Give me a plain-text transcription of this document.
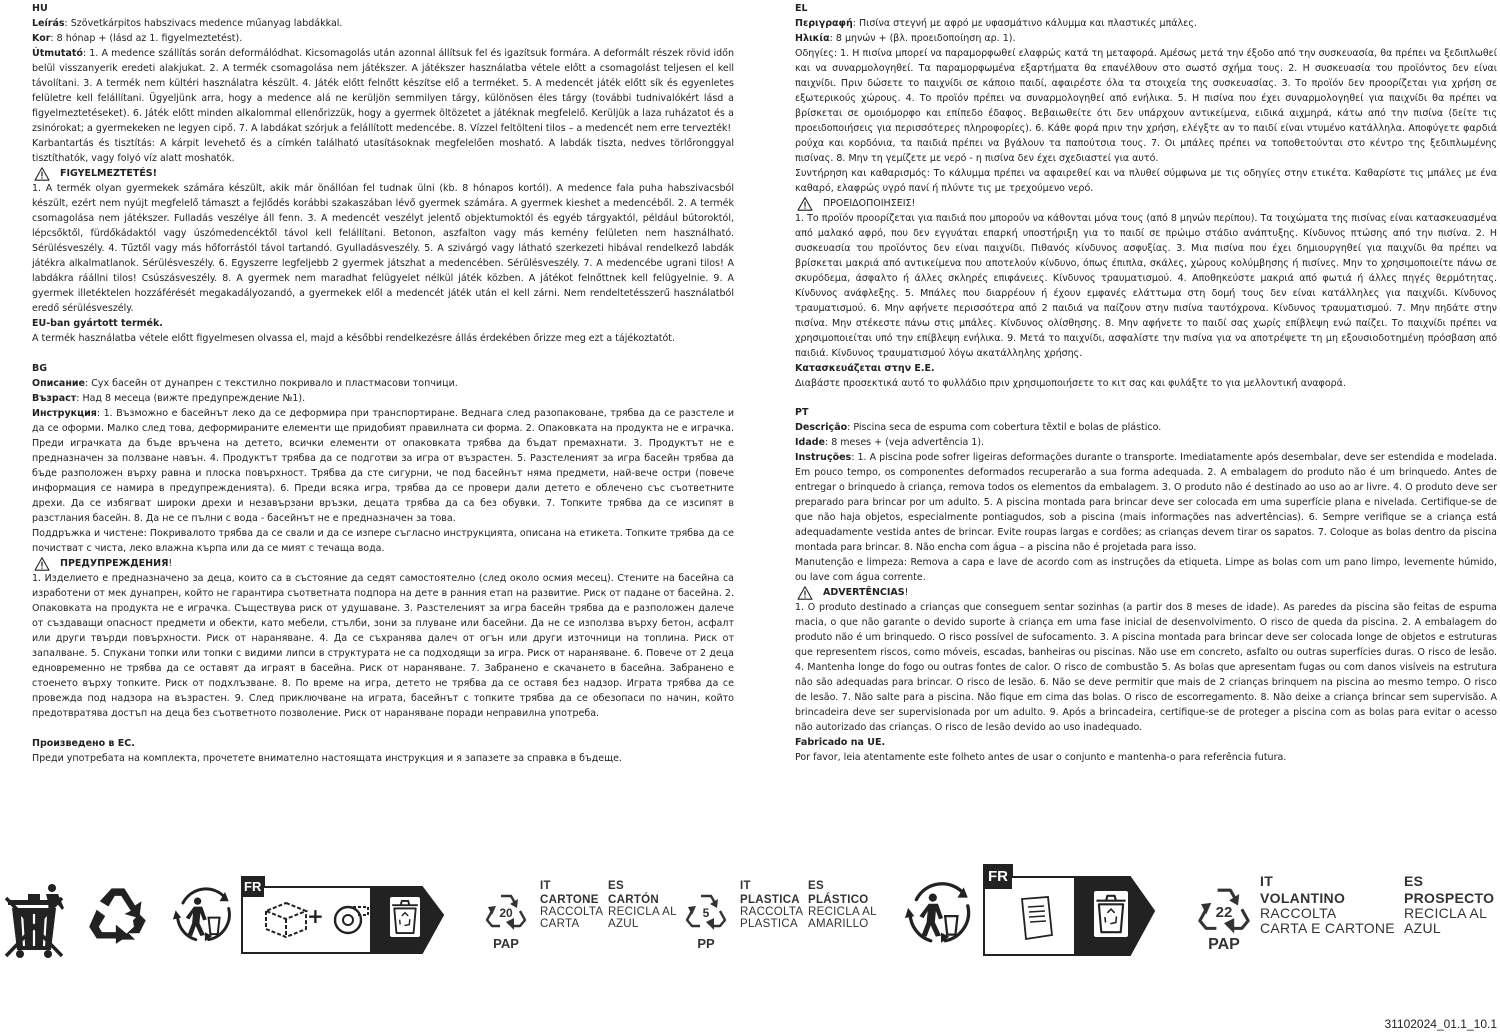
HU

Leírás: Szövetkárpitos habszivacs medence műanyag labdákkal.

Kor: 8 hónap + (lásd az 1. figyelmeztetést).

Útmutató: 1. A medence szállítás során deformálódhat. Kicsomagolás után azonnal állítsuk fel és igazítsuk formára. A deformált részek rövid időn belül visszanyerik eredeti alakjukat. 2. A termék csomagolása nem játékszer. A játékszer használatba vétele előtt a csomagolást teljesen el kell távolítani. 3. A termék nem kültéri használatra készült. 4. Játék előtt felnőtt készítse elő a terméket. 5. A medencét játék előtt sík és egyenletes felületre kell felállítani. Ügyeljünk arra, hogy a medence alá ne kerüljön semmilyen tárgy, különösen éles tárgy (további tudnivalókért lásd a figyelmeztetéseket). 6. Játék előtt minden alkalommal ellenőrizzük, hogy a gyermek öltözetet a játéknak megfelelő. Kerüljük a laza ruházatot és a zsinórokat; a gyermekeken ne legyen cipő. 7. A labdákat szórjuk a felállított medencébe. 8. Vízzel feltölteni tilos – a medencét nem erre tervezték!

Karbantartás és tisztítás: A kárpit levehető és a címkén található utasításoknak megfelelően mosható. A labdák tiszta, nedves törlőronggyal tisztíthatók, vagy folyó víz alatt moshatók.

FIGYELMEZTETÉS!

1. A termék olyan gyermekek számára készült, akik már önállóan fel tudnak ülni (kb. 8 hónapos kortól). A medence fala puha habszivacsból készült, ezért nem nyújt megfelelő támaszt a fejlődés korábbi szakaszában lévő gyermek számára. A gyermek kieshet a medencéből. 2. A termék csomagolása nem játékszer. Fulladás veszélye áll fenn. 3. A medencét veszélyt jelentő objektumoktól és egyéb tárgyaktól, például bútoroktól, lépcsőktől, fürdőkádaktól vagy úszómedencéktől távol kell felállítani. Betonon, aszfalton vagy más kemény felületen nem használható. Sérülésveszély. 4. Tűztől vagy más hőforrástól távol tartandó. Gyulladásveszély. 5. A szivárgó vagy látható szerkezeti hibával rendelkező labdák játékra alkalmatlanok. Sérülésveszély. 6. Egyszerre legfeljebb 2 gyermek játszhat a medencében. Sérülésveszély. 7. A medencébe ugrani tilos! A labdákra ráállni tilos! Csúszásveszély. 8. A gyermek nem maradhat felügyelet nélkül játék közben. A játékot felnőttnek kell felügyelnie. 9. A gyermek illetéktelen hozzáférését megakadályozandó, a gyermekek elől a medencét játék után el kell zárni. Nem rendeltetésszerű használatból eredő sérülésveszély.

EU-ban gyártott termék.

A termék használatba vétele előtt figyelmesen olvassa el, majd a későbbi rendelkezésre állás érdekében őrizze meg ezt a tájékoztatót.

BG

Описание: Сух басейн от дунапрен с текстилно покривало и пластмасови топчици.

Възраст: Над 8 месеца (вижте предупреждение №1).

Инструкция: 1. Възможно е басейнът леко да се деформира при транспортиране. Веднага след разопаковане, трябва да се разстеле и да се оформи. Малко след това, деформираните елементи ще придобият правилната си форма. 2. Опаковката на продукта не е играчка. Преди играчката да бъде връчена на детето, всички елементи от опаковката трябва да бъдат премахнати. 3. Продуктът не е предназначен за ползване навън. 4. Продуктът трябва да се подготви за игра от възрастен. 5. Разстеленият за игра басейн трябва да бъде разположен върху равна и плоска повърхност. Трябва да сте сигурни, че под басейнът няма предмети, най-вече остри (повече информация се намира в предупрежденията). 6. Преди всяка игра, трябва да се провери дали детето е облечено със съответните дрехи. Да се избягват широки дрехи и незавързани връзки, децата трябва да са без обувки. 7. Топките трябва да се изсипят в разстлания басейн. 8. Да не се пълни с вода - басейнът не е предназначен за това.

Поддръжка и чистене: Покривалото трябва да се свали и да се изпере съгласно инструкцията, описана на етикета. Топките трябва да се почистват с чиста, леко влажна кърпа или да се мият с течаща вода.

ПРЕДУПРЕЖДЕНИЯ!

1. Изделието е предназначено за деца, които са в състояние да седят самостоятелно (след около осмия месец). Стените на басейна са изработени от мек дунапрен, който не гарантира съответната подпора на дете в ранния етап на развитие. Риск от падане от басейна. 2. Опаковката на продукта не е играчка. Съществува риск от удушаване. 3. Разстеленият за игра басейн трябва да е разположен далече от създаващи опасност предмети и обекти, като мебели, стълби, зони за плуване или басейни. Да не се използва върху бетон, асфалт или други твърди повърхности. Риск от нараняване. 4. Да се съхранява далеч от огън или други източници на топлина. Риск от запалване. 5. Спукани топки или топки с видими липси в структурата не са подходящи за игра. Риск от нараняване. 6. Повече от 2 деца едновременно не трябва да се оставят да играят в басейна. Риск от нараняване. 7. Забранено е скачането в басейна. Забранено е стоенето върху топките. Риск от подхлъзване. 8. По време на игра, детето не трябва да се оставя без надзор. Играта трябва да се провежда под надзора на възрастен. 9. След приключване на играта, басейнът с топките трябва да се обезопаси по начин, който предотвратява достъп на деца без съответното позволение. Риск от нараняване поради неправилна употреба.

Произведено в ЕС.

Преди употребата на комплекта, прочетете внимателно настоящата инструкция и я запазете за справка в бъдеще.

EL

Περιγραφή: Πισίνα στεγνή με αφρό με υφασμάτινο κάλυμμα και πλαστικές μπάλες.

Ηλικία: 8 μηνών + (βλ. προειδοποίηση αρ. 1).

Οδηγίες: 1. Η πισίνα μπορεί να παραμορφωθεί ελαφρώς κατά τη μεταφορά. Αμέσως μετά την έξοδο από την συσκευασία, θα πρέπει να ξεδιπλωθεί και να συναρμολογηθεί. Τα παραμορφωμένα εξαρτήματα θα επανέλθουν στο σωστό σχήμα τους. 2. Η συσκευασία του προϊόντος δεν είναι παιχνίδι. Πριν δώσετε το παιχνίδι σε κάποιο παιδί, αφαιρέστε όλα τα στοιχεία της συσκευασίας. 3. Το προϊόν δεν προορίζεται για χρήση σε εξωτερικούς χώρους. 4. Το προϊόν πρέπει να συναρμολογηθεί από ενήλικα. 5. Η πισίνα που έχει συναρμολογηθεί για παιχνίδι θα πρέπει να βρίσκεται σε ομοιόμορφο και επίπεδο έδαφος. Βεβαιωθείτε ότι δεν υπάρχουν αντικείμενα, ειδικά αιχμηρά, κάτω από την πισίνα (δείτε τις προειδοποιήσεις για περισσότερες πληροφορίες). 6. Κάθε φορά πριν την χρήση, ελέγξτε αν το παιδί είναι ντυμένο κατάλληλα. Αποφύγετε φαρδιά ρούχα και κορδόνια, τα παιδιά πρέπει να βγάλουν τα παπούτσια τους. 7. Οι μπάλες πρέπει να τοποθετούνται στο κέντρο της ξεδιπλωμένης πισίνας. 8. Μην τη γεμίζετε με νερό - η πισίνα δεν έχει σχεδιαστεί για αυτό.

Συντήρηση και καθαρισμός: Το κάλυμμα πρέπει να αφαιρεθεί και να πλυθεί σύμφωνα με τις οδηγίες στην ετικέτα. Καθαρίστε τις μπάλες με ένα καθαρό, ελαφρώς υγρό πανί ή πλύντε τις με τρεχούμενο νερό.

ΠΡΟΕΙΔΟΠΟΙΗΣΕΙΣ!

1. Το προϊόν προορίζεται για παιδιά που μπορούν να κάθονται μόνα τους (από 8 μηνών περίπου). Τα τοιχώματα της πισίνας είναι κατασκευασμένα από μαλακό αφρό, που δεν εγγυάται επαρκή υποστήριξη για το παιδί σε πρώιμο στάδιο ανάπτυξης. Κίνδυνος πτώσης από την πισίνα. 2. Η συσκευασία του προϊόντος δεν είναι παιχνίδι. Πιθανός κίνδυνος ασφυξίας. 3. Μια πισίνα που έχει δημιουργηθεί για παιχνίδι θα πρέπει να βρίσκεται μακριά από αντικείμενα που αποτελούν κίνδυνο, όπως έπιπλα, σκάλες, χώρους κολύμβησης ή πισίνες. Μην το χρησιμοποιείτε πάνω σε σκυρόδεμα, άσφαλτο ή άλλες σκληρές επιφάνειες. Κίνδυνος τραυματισμού. 4. Αποθηκεύστε μακριά από φωτιά ή άλλες πηγές θερμότητας. Κίνδυνος ανάφλεξης. 5. Μπάλες που διαρρέουν ή έχουν εμφανές ελάττωμα στη δομή τους δεν είναι κατάλληλες για παιχνίδι. Κίνδυνος τραυματισμού. 6. Μην αφήνετε περισσότερα από 2 παιδιά να παίζουν στην πισίνα ταυτόχρονα. Κίνδυνος τραυματισμού. 7. Μην πηδάτε στην πισίνα. Μην στέκεστε πάνω στις μπάλες. Κίνδυνος ολίσθησης. 8. Μην αφήνετε το παιδί σας χωρίς επίβλεψη ενώ παίζει. Το παιχνίδι πρέπει να χρησιμοποιείται υπό την επίβλεψη ενήλικα. 9. Μετά το παιχνίδι, ασφαλίστε την πισίνα για να αποτρέψετε τη μη εξουσιοδοτημένη πρόσβαση από παιδιά. Κίνδυνος τραυματισμού λόγω ακατάλληλης χρήσης.

Κατασκευάζεται στην Ε.Ε.

Διαβάστε προσεκτικά αυτό το φυλλάδιο πριν χρησιμοποιήσετε το κιτ σας και φυλάξτε το για μελλοντική αναφορά.

PT

Descrição: Piscina seca de espuma com cobertura têxtil e bolas de plástico.

Idade: 8 meses + (veja advertência 1).

Instruções: 1. A piscina pode sofrer ligeiras deformações durante o transporte. Imediatamente após desembalar, deve ser estendida e modelada. Em pouco tempo, os componentes deformados recuperarão a sua forma adequada. 2. A embalagem do produto não é um brinquedo. Antes de entregar o brinquedo à criança, remova todos os elementos da embalagem. 3. O produto não é destinado ao uso ao ar livre. 4. O produto deve ser preparado para brincar por um adulto. 5. A piscina montada para brincar deve ser colocada em uma superfície plana e nivelada. Certifique-se de que não haja objetos, especialmente pontiagudos, sob a piscina (mais informações nas advertências). 6. Sempre verifique se a criança está adequadamente vestida antes de brincar. Evite roupas largas e cordões; as crianças devem tirar os sapatos. 7. Coloque as bolas dentro da piscina montada para brincar. 8. Não encha com água – a piscina não é projetada para isso.

Manutenção e limpeza: Remova a capa e lave de acordo com as instruções da etiqueta. Limpe as bolas com um pano limpo, levemente húmido, ou lave com água corrente.

ADVERTÊNCIAS!

1. O produto destinado a crianças que conseguem sentar sozinhas (a partir dos 8 meses de idade). As paredes da piscina são feitas de espuma macia, o que não garante o devido suporte à criança em uma fase inicial de desenvolvimento. O risco de queda da piscina. 2. A embalagem do produto não é um brinquedo. O risco possível de sufocamento. 3. A piscina montada para brincar deve ser colocada longe de objetos e estruturas que representem riscos, como móveis, escadas, banheiras ou piscinas. Não use em concreto, asfalto ou outras superfícies duras. O risco de lesão. 4. Mantenha longe do fogo ou outras fontes de calor. O risco de combustão 5. As bolas que apresentam fugas ou com danos visíveis na estrutura não são adequadas para brincar. O risco de lesão. 6. Não se deve permitir que mais de 2 crianças brinquem na piscina ao mesmo tempo. O risco de lesão. 7. Não salte para a piscina. Não fique em cima das bolas. O risco de escorregamento. 8. Não deixe a criança brincar sem supervisão. A brincadeira deve ser supervisionada por um adulto. 9. Após a brincadeira, certifique-se de proteger a piscina com as bolas para evitar o acesso não autorizado das crianças. O risco de lesão devido ao uso inadequado.

Fabricado na UE.

Por favor, leia atentamente este folheto antes de usar o conjunto e mantenha-o para referência futura.

FR
+	20
PAP
IT
CARTONE
RACCOLTA
CARTA
ES
CARTÓN
RECICLA AL
AZUL
5
PP
IT
PLASTICA
RACCOLTA
PLASTICA
ES
PLÁSTICO
RECICLA AL
AMARILLO
FR
22
PAP
IT
VOLANTINO
RACCOLTA
CARTA E CARTONE
ES
PROSPECTO
RECICLA AL
AZUL
31102024_01.1_10.1
